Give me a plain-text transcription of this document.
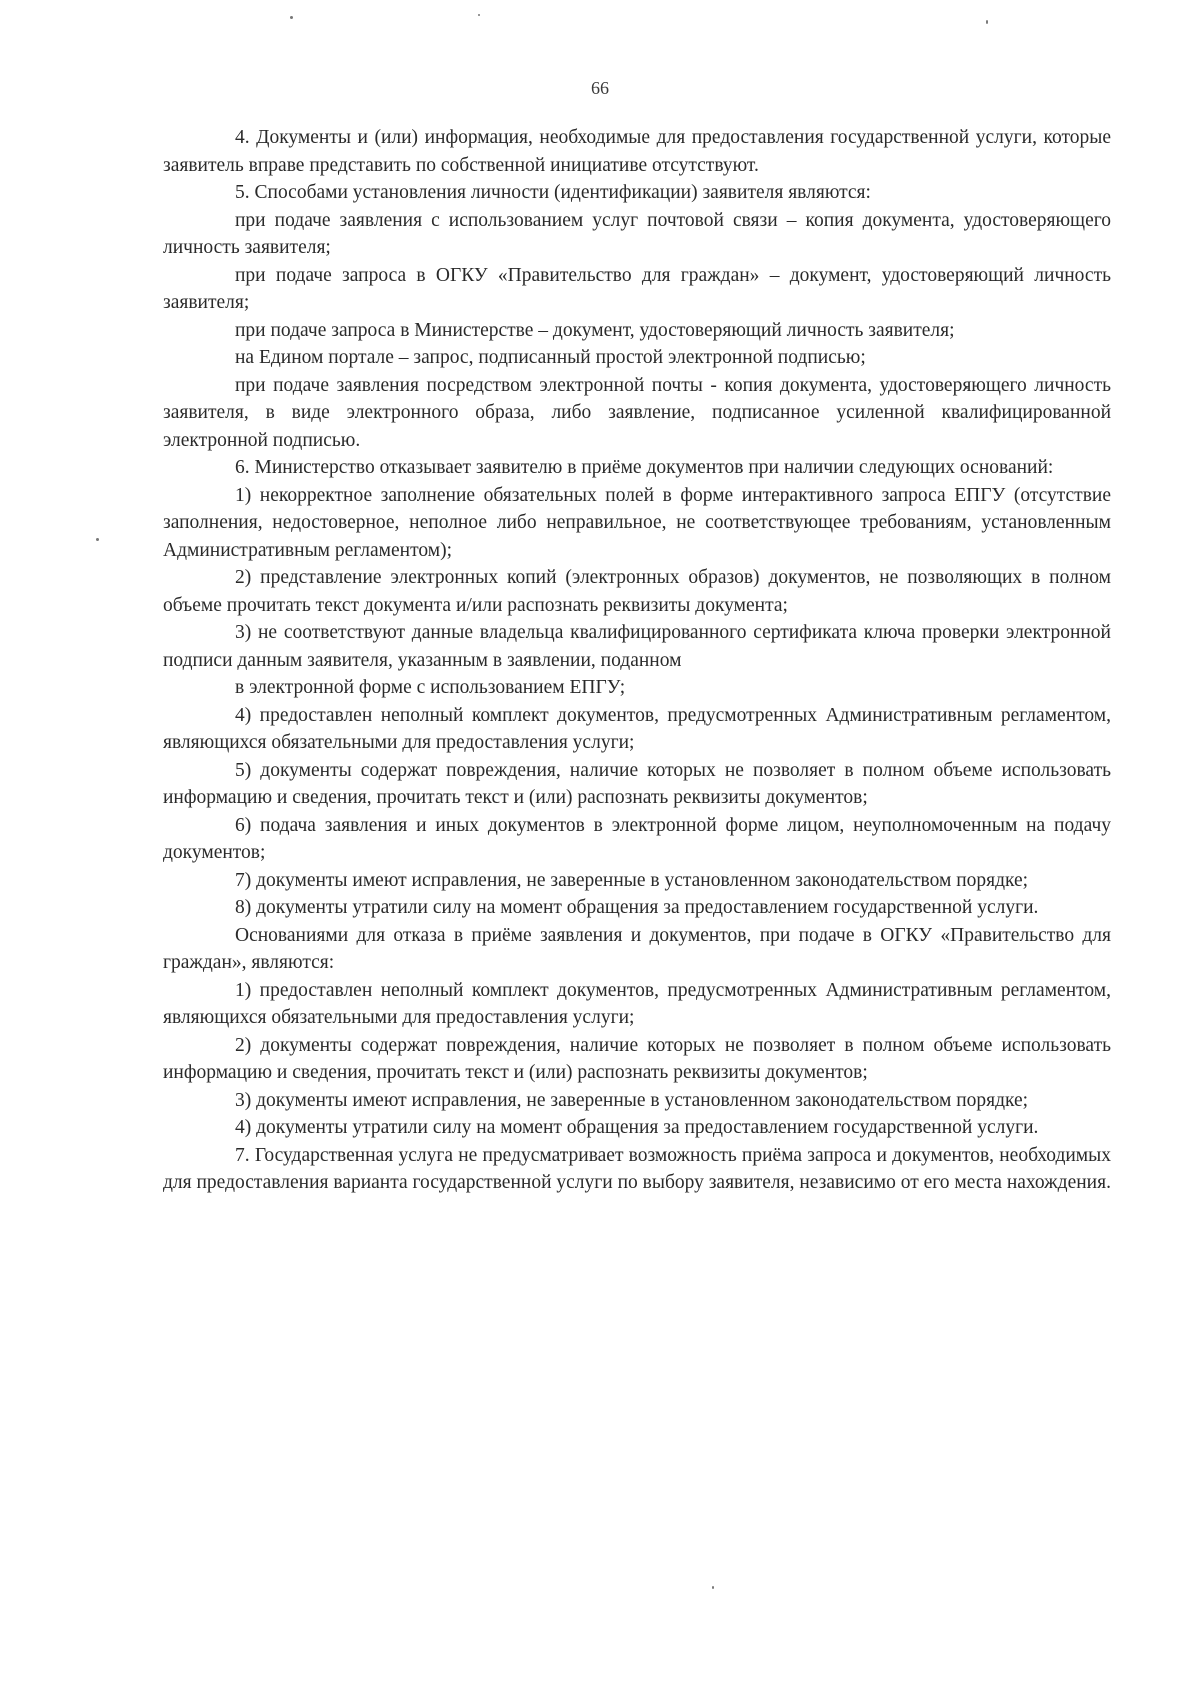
66

4. Документы и (или) информация, необходимые для предоставления государственной услуги, которые заявитель вправе представить по собственной инициативе отсутствуют.

5. Способами установления личности (идентификации) заявителя являются:

при подаче заявления с использованием услуг почтовой связи – копия документа, удостоверяющего личность заявителя;

при подаче запроса в ОГКУ «Правительство для граждан» – документ, удостоверяющий личность заявителя;

при подаче запроса в Министерстве – документ, удостоверяющий личность заявителя;

на Едином портале – запрос, подписанный простой электронной подписью;

при подаче заявления посредством электронной почты - копия документа, удостоверяющего личность заявителя, в виде электронного образа, либо заявление, подписанное усиленной квалифицированной электронной подписью.

6. Министерство отказывает заявителю в приёме документов при наличии следующих оснований:

1) некорректное заполнение обязательных полей в форме интерактивного запроса ЕПГУ (отсутствие заполнения, недостоверное, неполное либо неправильное, не соответствующее требованиям, установленным Административным регламентом);

2) представление электронных копий (электронных образов) документов, не позволяющих в полном объеме прочитать текст документа и/или распознать реквизиты документа;

3) не соответствуют данные владельца квалифицированного сертификата ключа проверки электронной подписи данным заявителя, указанным в заявлении, поданном

в электронной форме с использованием ЕПГУ;

4) предоставлен неполный комплект документов, предусмотренных Административным регламентом, являющихся обязательными для предоставления услуги;

5) документы содержат повреждения, наличие которых не позволяет в полном объеме использовать информацию и сведения, прочитать текст и (или) распознать реквизиты документов;

6) подача заявления и иных документов в электронной форме лицом, неуполномоченным на подачу документов;

7) документы имеют исправления, не заверенные в установленном законодательством порядке;

8) документы утратили силу на момент обращения за предоставлением государственной услуги.

Основаниями для отказа в приёме заявления и документов, при подаче в ОГКУ «Правительство для граждан», являются:

1) предоставлен неполный комплект документов, предусмотренных Административным регламентом, являющихся обязательными для предоставления услуги;

2) документы содержат повреждения, наличие которых не позволяет в полном объеме использовать информацию и сведения, прочитать текст и (или) распознать реквизиты документов;

3) документы имеют исправления, не заверенные в установленном законодательством порядке;

4) документы утратили силу на момент обращения за предоставлением государственной услуги.

7. Государственная услуга не предусматривает возможность приёма запроса и документов, необходимых для предоставления варианта государственной услуги по выбору заявителя, независимо от его места нахождения.
